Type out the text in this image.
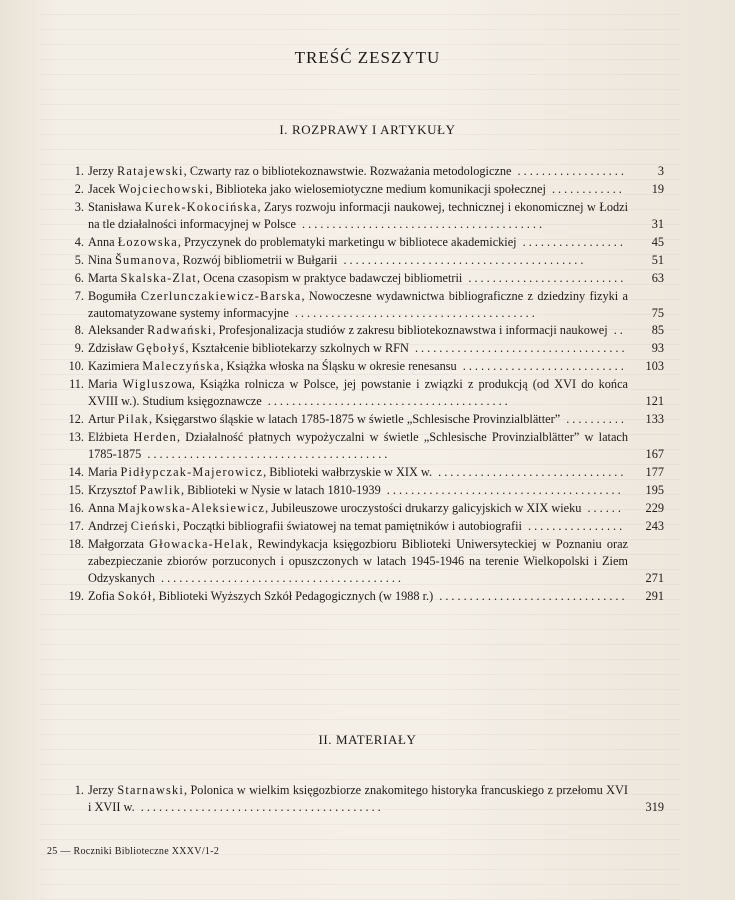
TREŚĆ ZESZYTU
I. ROZPRAWY I ARTYKUŁY
1. Jerzy Ratajewski, Czwarty raz o bibliotekoznawstwie. Rozważania metodologiczne ..................	3
2. Jacek Wojciechowski, Biblioteka jako wielosemiotyczne medium komunikacji społecznej ............ 19
3. Stanisława Kurek-Kokocińska, Zarys rozwoju informacji naukowej, technicznej i ekonomicznej w Łodzi na tle działalności informacyjnej w Polsce ........................................	31
4. Anna Łozowska, Przyczynek do problematyki marketingu w bibliotece akademickiej ................. 45
5. Nina Šumanova, Rozwój bibliometrii w Bułgarii ........................................	51
6. Marta Skalska-Zlat, Ocena czasopism w praktyce badawczej bibliometrii .......................... 63
7. Bogumiła Czerlunczakiewicz-Barska, Nowoczesne wydawnictwa bibliograficzne z dziedziny fizyki a zautomatyzowane systemy informacyjne ........................................	75
8. Aleksander Radwański, Profesjonalizacja studiów z zakresu bibliotekoznawstwa i informacji naukowej .. 85
9. Zdzisław Gębołyś, Kształcenie bibliotekarzy szkolnych w RFN ................................... 93
10. Kazimiera Maleczyńska, Książka włoska na Śląsku w okresie renesansu ........................... 103
11. Maria Wigluszowa, Książka rolnicza w Polsce, jej powstanie i związki z produkcją (od XVI do końca XVIII w.). Studium księgoznawcze ........................................	121
12. Artur Pilak, Księgarstwo śląskie w latach 1785-1875 w świetle „Schlesische Provinzialblätter” .......... 133
13. Elżbieta Herden, Działalność płatnych wypożyczalni w świetle „Schlesische Provinzialblätter” w latach 1785-1875 ........................................	167
14. Maria Pidłypczak-Majerowicz, Biblioteki wałbrzyskie w XIX w. ............................... 177
15. Krzysztof Pawlik, Biblioteki w Nysie w latach 1810-1939 .......................................	195
16. Anna Majkowska-Aleksiewicz, Jubileuszowe uroczystości drukarzy galicyjskich w XIX wieku ......	229
17. Andrzej Cieński, Początki bibliografii światowej na temat pamiętników i autobiografii ................ 243
18. Małgorzata Głowacka-Helak, Rewindykacja księgozbioru Biblioteki Uniwersyteckiej w Poznaniu oraz zabezpieczanie zbiorów porzuconych i opuszczonych w latach 1945-1946 na terenie Wielkopolski i Ziem Odzyskanych ........................................	271
19. Zofia Sokół, Biblioteki Wyższych Szkół Pedagogicznych (w 1988 r.) ............................... 291
II. MATERIAŁY
1. Jerzy Starnawski, Polonica w wielkim księgozbiorze znakomitego historyka francuskiego z przełomu XVI i XVII w. ........................................	319
25 — Roczniki Biblioteczne XXXV/1-2
